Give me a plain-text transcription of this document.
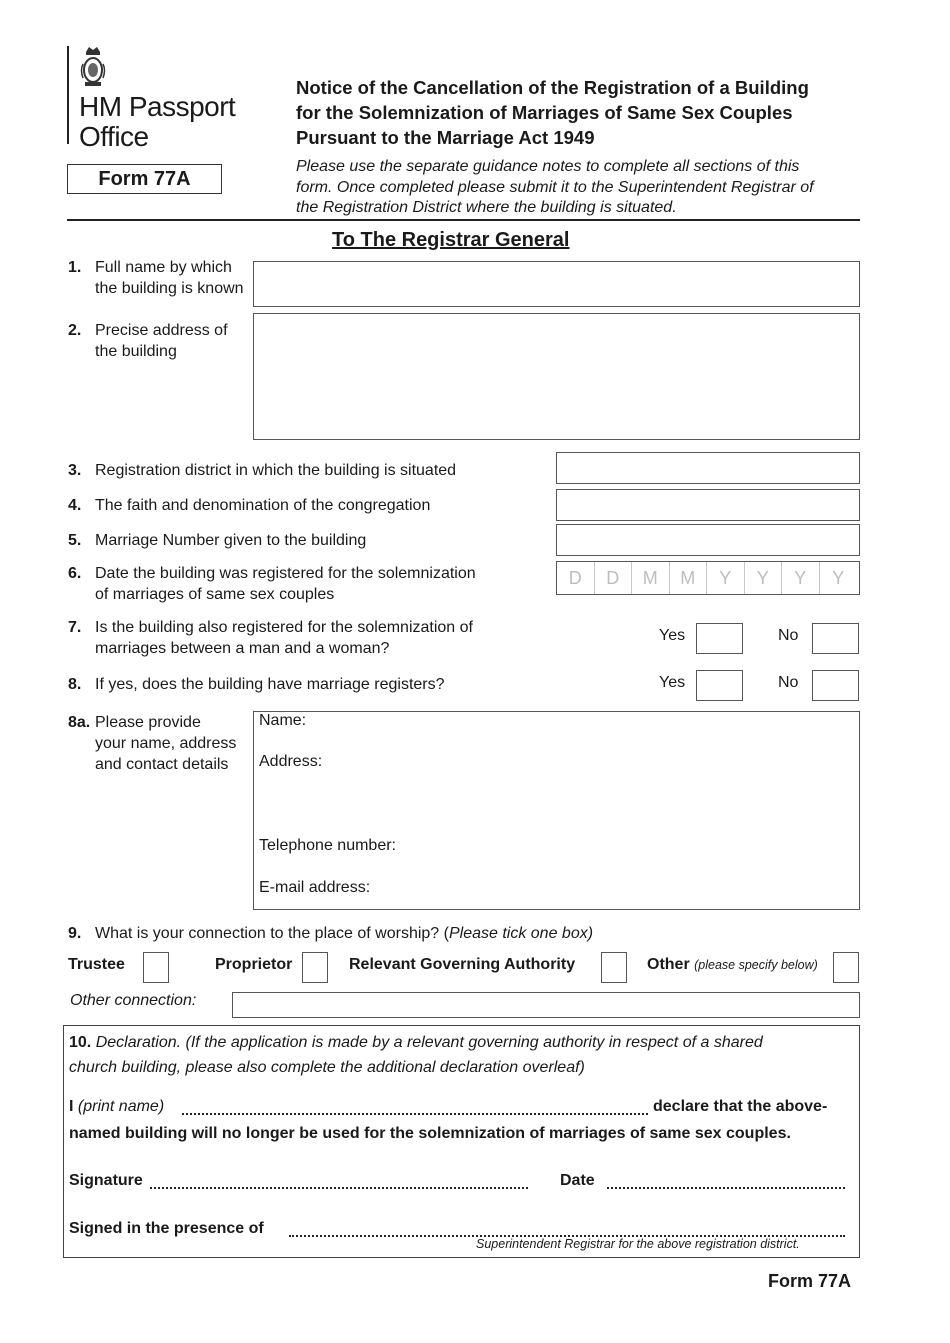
HM Passport
Office
Form 77A
Notice of the Cancellation of the Registration of a Building
for the Solemnization of Marriages of Same Sex Couples
Pursuant to the Marriage Act 1949
Please use the separate guidance notes to complete all sections of this
form. Once completed please submit it to the Superintendent Registrar of
the Registration District where the building is situated.
To The Registrar General
1. Full name by which
the building is known
2. Precise address of
the building
3. Registration district in which the building is situated
4. The faith and denomination of the congregation
5. Marriage Number given to the building
6. Date the building was registered for the solemnization
of marriages of same sex couples
D	D	M	M	Y	Y	Y	Y
7. Is the building also registered for the solemnization of
marriages between a man and a woman?
Yes	No
8. If yes, does the building have marriage registers?	Yes	No
8a. Please provide
your name, address
and contact details
Name:
Address:
Telephone number:
E-mail address:
9. What is your connection to the place of worship? (Please tick one box)
Trustee	Proprietor	Relevant Governing Authority	Other (please specify below)
Other connection:
10. Declaration. (If the application is made by a relevant governing authority in respect of a shared
church building, please also complete the additional declaration overleaf)
I (print name)	declare that the above-
named building will no longer be used for the solemnization of marriages of same sex couples.
Signature	Date
Signed in the presence of
Superintendent Registrar for the above registration district.
Form 77A
